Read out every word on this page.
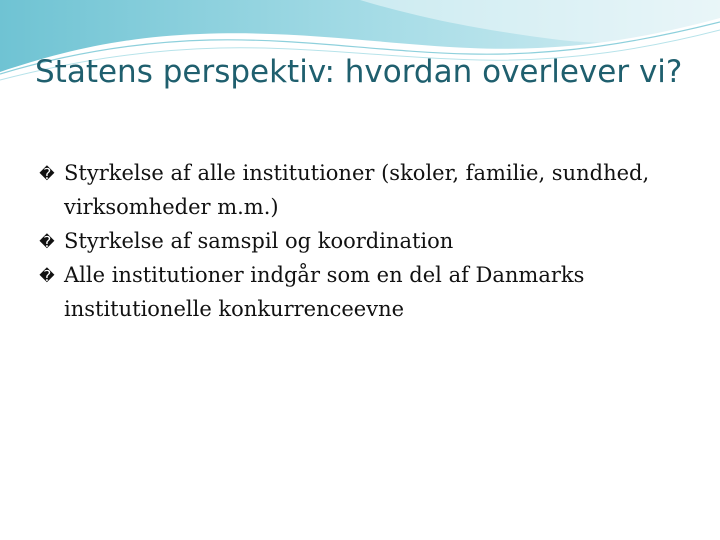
Statens perspektiv: hvordan overlever vi?
� Styrkelse af alle institutioner (skoler, familie, sundhed, virksomheder m.m.)
� Styrkelse af samspil og koordination
� Alle institutioner indgår som en del af Danmarks institutionelle konkurrenceevne
